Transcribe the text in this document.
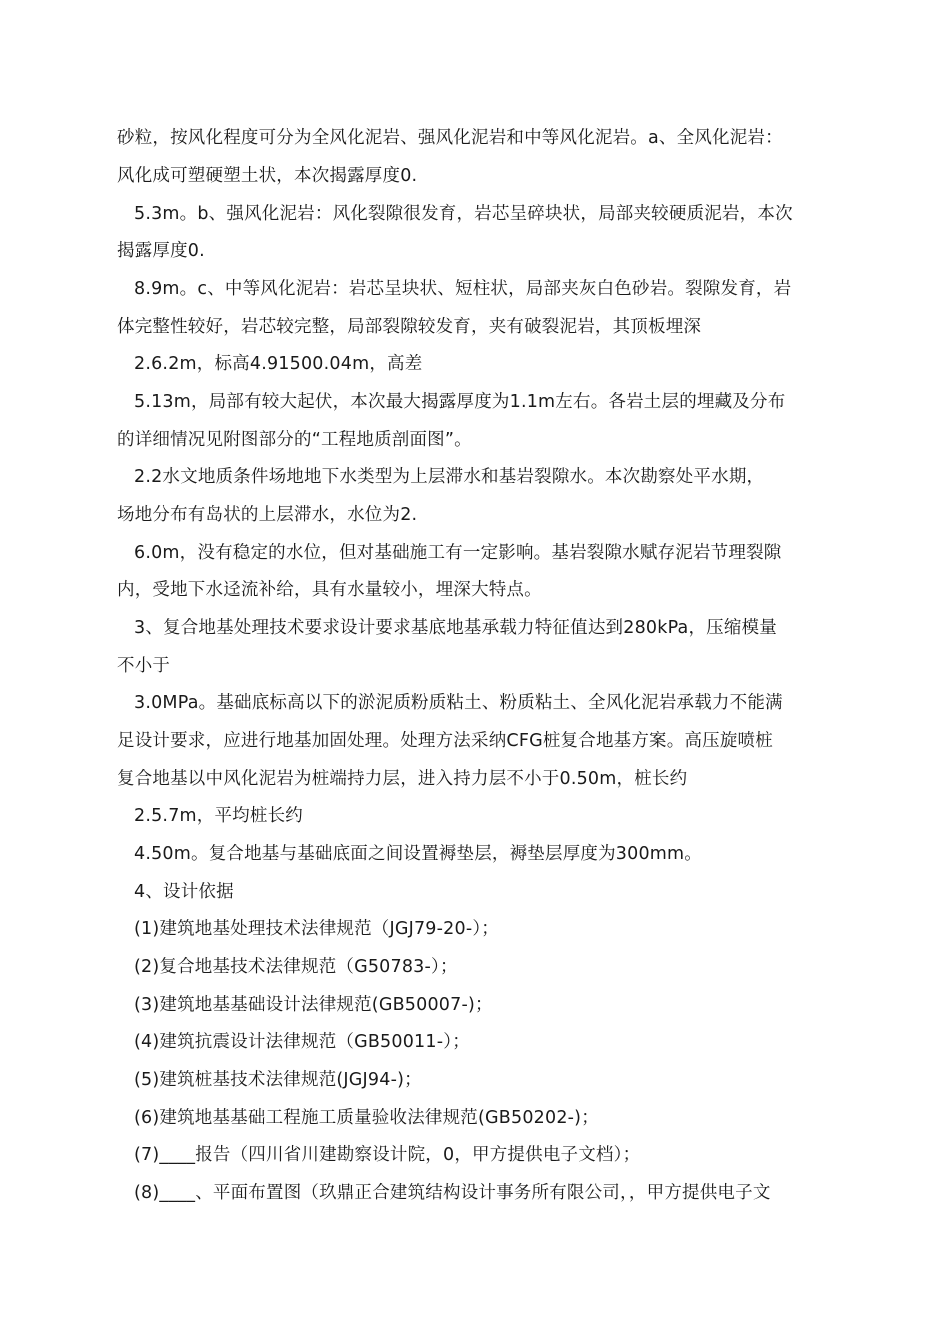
砂粒，按风化程度可分为全风化泥岩、强风化泥岩和中等风化泥岩。a、全风化泥岩：
风化成可塑硬塑土状，本次揭露厚度0.
5.3m。b、强风化泥岩：风化裂隙很发育，岩芯呈碎块状，局部夹较硬质泥岩，本次
揭露厚度0.
8.9m。c、中等风化泥岩：岩芯呈块状、短柱状，局部夹灰白色砂岩。裂隙发育，岩
体完整性较好，岩芯较完整，局部裂隙较发育，夹有破裂泥岩，其顶板埋深
2.6.2m，标高4.91500.04m，高差
5.13m，局部有较大起伏，本次最大揭露厚度为1.1m左右。各岩土层的埋藏及分布
的详细情况见附图部分的“工程地质剖面图”。
2.2水文地质条件场地地下水类型为上层滞水和基岩裂隙水。本次勘察处平水期，
场地分布有岛状的上层滞水，水位为2.
6.0m，没有稳定的水位，但对基础施工有一定影响。基岩裂隙水赋存泥岩节理裂隙
内，受地下水迳流补给，具有水量较小，埋深大特点。
3、复合地基处理技术要求设计要求基底地基承载力特征值达到280kPa，压缩模量
不小于
3.0MPa。基础底标高以下的淤泥质粉质粘土、粉质粘土、全风化泥岩承载力不能满
足设计要求，应进行地基加固处理。处理方法采纳CFG桩复合地基方案。高压旋喷桩
复合地基以中风化泥岩为桩端持力层，进入持力层不小于0.50m，桩长约
2.5.7m，平均桩长约
4.50m。复合地基与基础底面之间设置褥垫层，褥垫层厚度为300mm。
4、设计依据
(1)建筑地基处理技术法律规范（JGJ79-20-）；
(2)复合地基技术法律规范（G50783-）；
(3)建筑地基基础设计法律规范(GB50007-)；
(4)建筑抗震设计法律规范（GB50011-）；
(5)建筑桩基技术法律规范(JGJ94-)；
(6)建筑地基基础工程施工质量验收法律规范(GB50202-)；
(7)____报告（四川省川建勘察设计院，0，甲方提供电子文档）；
(8)____、平面布置图（玖鼎正合建筑结构设计事务所有限公司，，甲方提供电子文
